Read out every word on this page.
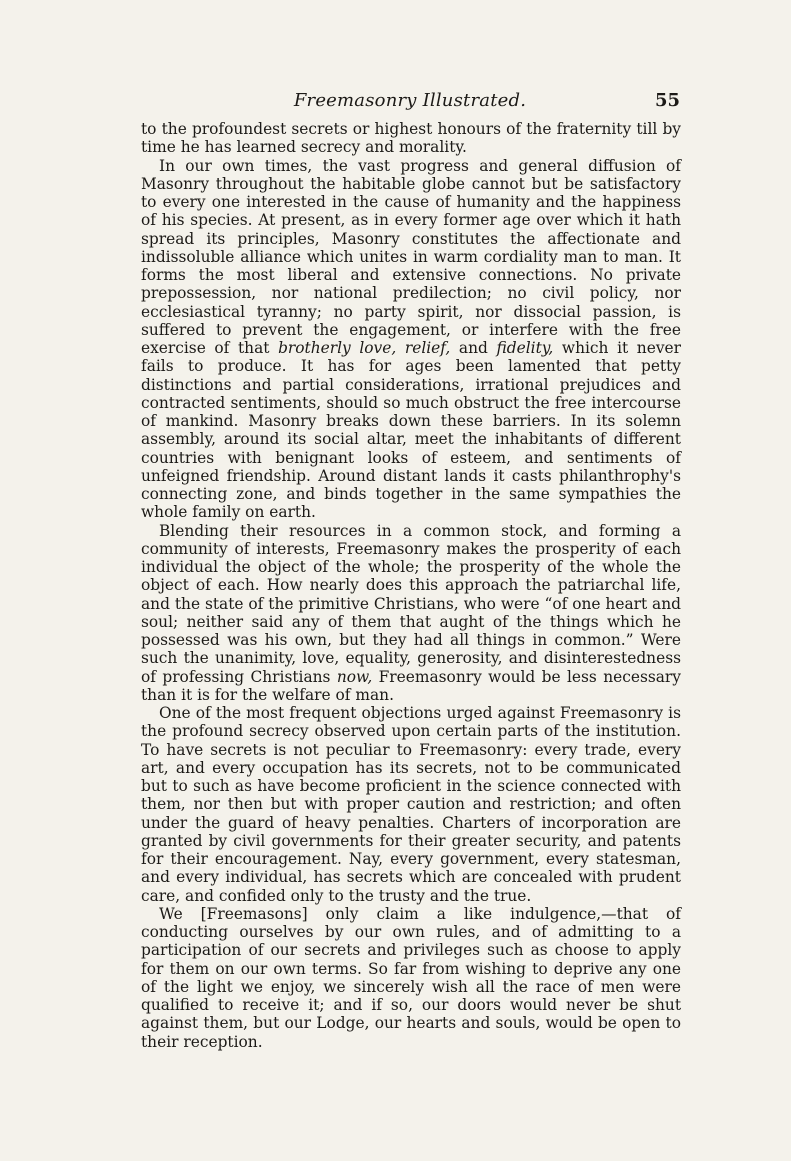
Freemasonry Illustrated.	55

to the profoundest secrets or highest honours of the fraternity till by time he has learned secrecy and morality.

In our own times, the vast progress and general diffusion of Masonry throughout the habitable globe cannot but be satisfactory to every one interested in the cause of humanity and the happiness of his species. At present, as in every former age over which it hath spread its principles, Masonry constitutes the affectionate and indissoluble alliance which unites in warm cordiality man to man. It forms the most liberal and extensive connections. No private prepossession, nor national predilection; no civil policy, nor ecclesiastical tyranny; no party spirit, nor dissocial passion, is suffered to prevent the engagement, or interfere with the free exercise of that brotherly love, relief, and fidelity, which it never fails to produce. It has for ages been lamented that petty distinctions and partial considerations, irrational prejudices and contracted sentiments, should so much obstruct the free intercourse of mankind. Masonry breaks down these barriers. In its solemn assembly, around its social altar, meet the inhabitants of different countries with benignant looks of esteem, and sentiments of unfeigned friendship. Around distant lands it casts philanthrophy's connecting zone, and binds together in the same sympathies the whole family on earth.

Blending their resources in a common stock, and forming a community of interests, Freemasonry makes the prosperity of each individual the object of the whole; the prosperity of the whole the object of each. How nearly does this approach the patriarchal life, and the state of the primitive Christians, who were “of one heart and soul; neither said any of them that aught of the things which he possessed was his own, but they had all things in common.” Were such the unanimity, love, equality, generosity, and disinterestedness of professing Christians now, Freemasonry would be less necessary than it is for the welfare of man.

One of the most frequent objections urged against Freemasonry is the profound secrecy observed upon certain parts of the institution. To have secrets is not peculiar to Freemasonry: every trade, every art, and every occupation has its secrets, not to be communicated but to such as have become proficient in the science connected with them, nor then but with proper caution and restriction; and often under the guard of heavy penalties. Charters of incorporation are granted by civil governments for their greater security, and patents for their encouragement. Nay, every government, every statesman, and every individual, has secrets which are concealed with prudent care, and confided only to the trusty and the true.

We [Freemasons] only claim a like indulgence,—that of conducting ourselves by our own rules, and of admitting to a participation of our secrets and privileges such as choose to apply for them on our own terms. So far from wishing to deprive any one of the light we enjoy, we sincerely wish all the race of men were qualified to receive it; and if so, our doors would never be shut against them, but our Lodge, our hearts and souls, would be open to their reception.
